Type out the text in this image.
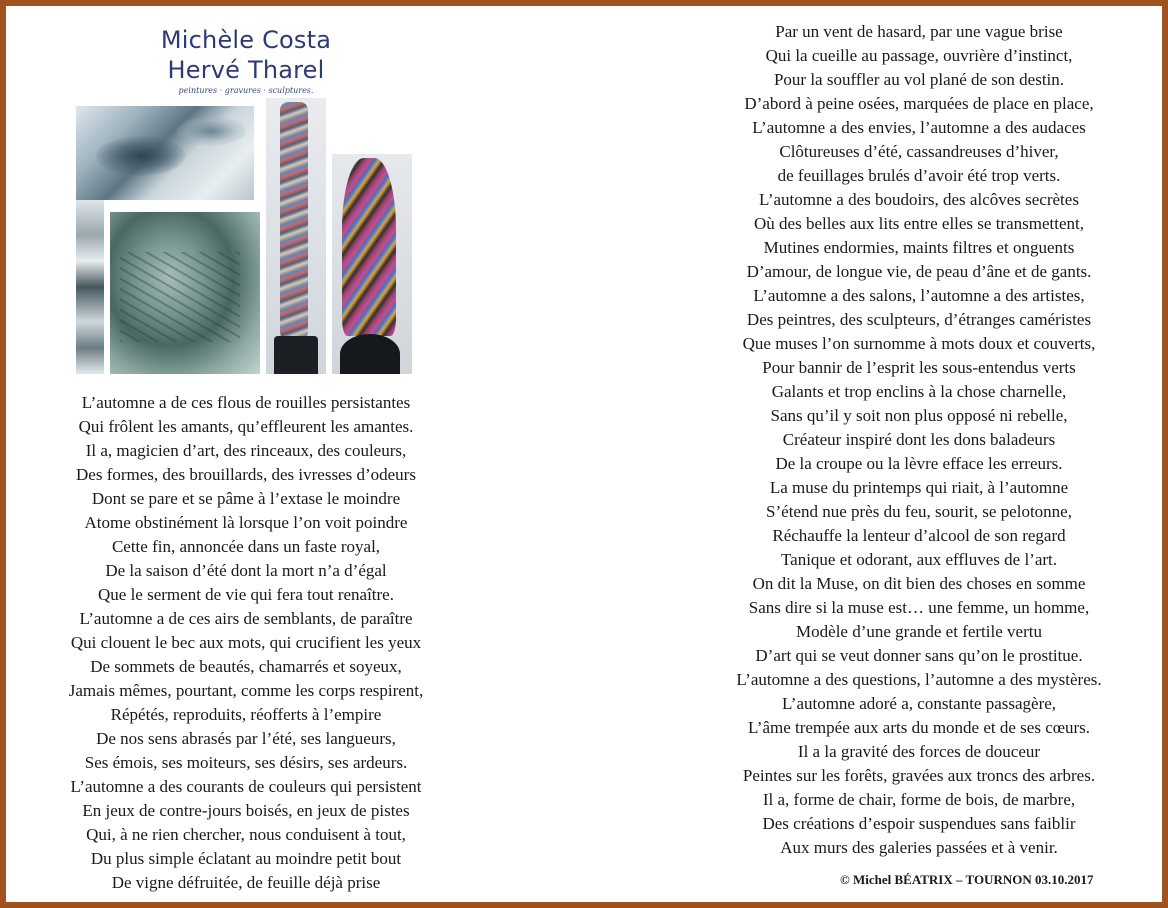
Michèle Costa
Hervé Tharel
peintures · gravures · sculptures.
L’automne a de ces flous de rouilles persistantes
Qui frôlent les amants, qu’effleurent les amantes.
Il a, magicien d’art, des rinceaux, des couleurs,
Des formes, des brouillards, des ivresses d’odeurs
Dont se pare et se pâme à l’extase le moindre
Atome obstinément là lorsque l’on voit poindre
Cette fin, annoncée dans un faste royal,
De la saison d’été dont la mort n’a d’égal
Que le serment de vie qui fera tout renaître.
L’automne a de ces airs de semblants, de paraître
Qui clouent le bec aux mots, qui crucifient les yeux
De sommets de beautés, chamarrés et soyeux,
Jamais mêmes, pourtant, comme les corps respirent,
Répétés, reproduits, réofferts à l’empire
De nos sens abrasés par l’été, ses langueurs,
Ses émois, ses moiteurs, ses désirs, ses ardeurs.
L’automne a des courants de couleurs qui persistent
En jeux de contre-jours boisés, en jeux de pistes
Qui, à ne rien chercher, nous conduisent à tout,
Du plus simple éclatant au moindre petit bout
De vigne défruitée, de feuille déjà prise
Par un vent de hasard, par une vague brise
Qui la cueille au passage, ouvrière d’instinct,
Pour la souffler au vol plané de son destin.
D’abord à peine osées, marquées de place en place,
L’automne a des envies, l’automne a des audaces
Clôtureuses d’été, cassandreuses d’hiver,
de feuillages brulés d’avoir été trop verts.
L’automne a des boudoirs, des alcôves secrètes
Où des belles aux lits entre elles se transmettent,
Mutines endormies, maints filtres et onguents
D’amour, de longue vie, de peau d’âne et de gants.
L’automne a des salons, l’automne a des artistes,
Des peintres, des sculpteurs, d’étranges caméristes
Que muses l’on surnomme à mots doux et couverts,
Pour bannir de l’esprit les sous-entendus verts
Galants et trop enclins à la chose charnelle,
Sans qu’il y soit non plus opposé ni rebelle,
Créateur inspiré dont les dons baladeurs
De la croupe ou la lèvre efface les erreurs.
La muse du printemps qui riait, à l’automne
S’étend nue près du feu, sourit, se pelotonne,
Réchauffe la lenteur d’alcool de son regard
Tanique et odorant, aux effluves de l’art.
On dit la Muse, on dit bien des choses en somme
Sans dire si la muse est… une femme, un homme,
Modèle d’une grande et fertile vertu
D’art qui se veut donner sans qu’on le prostitue.
L’automne a des questions, l’automne a des mystères.
L’automne adoré a, constante passagère,
L’âme trempée aux arts du monde et de ses cœurs.
Il a la gravité des forces de douceur
Peintes sur les forêts, gravées aux troncs des arbres.
Il a, forme de chair, forme de bois, de marbre,
Des créations d’espoir suspendues sans faiblir
Aux murs des galeries passées et à venir.
© Michel BÉATRIX – TOURNON 03.10.2017
